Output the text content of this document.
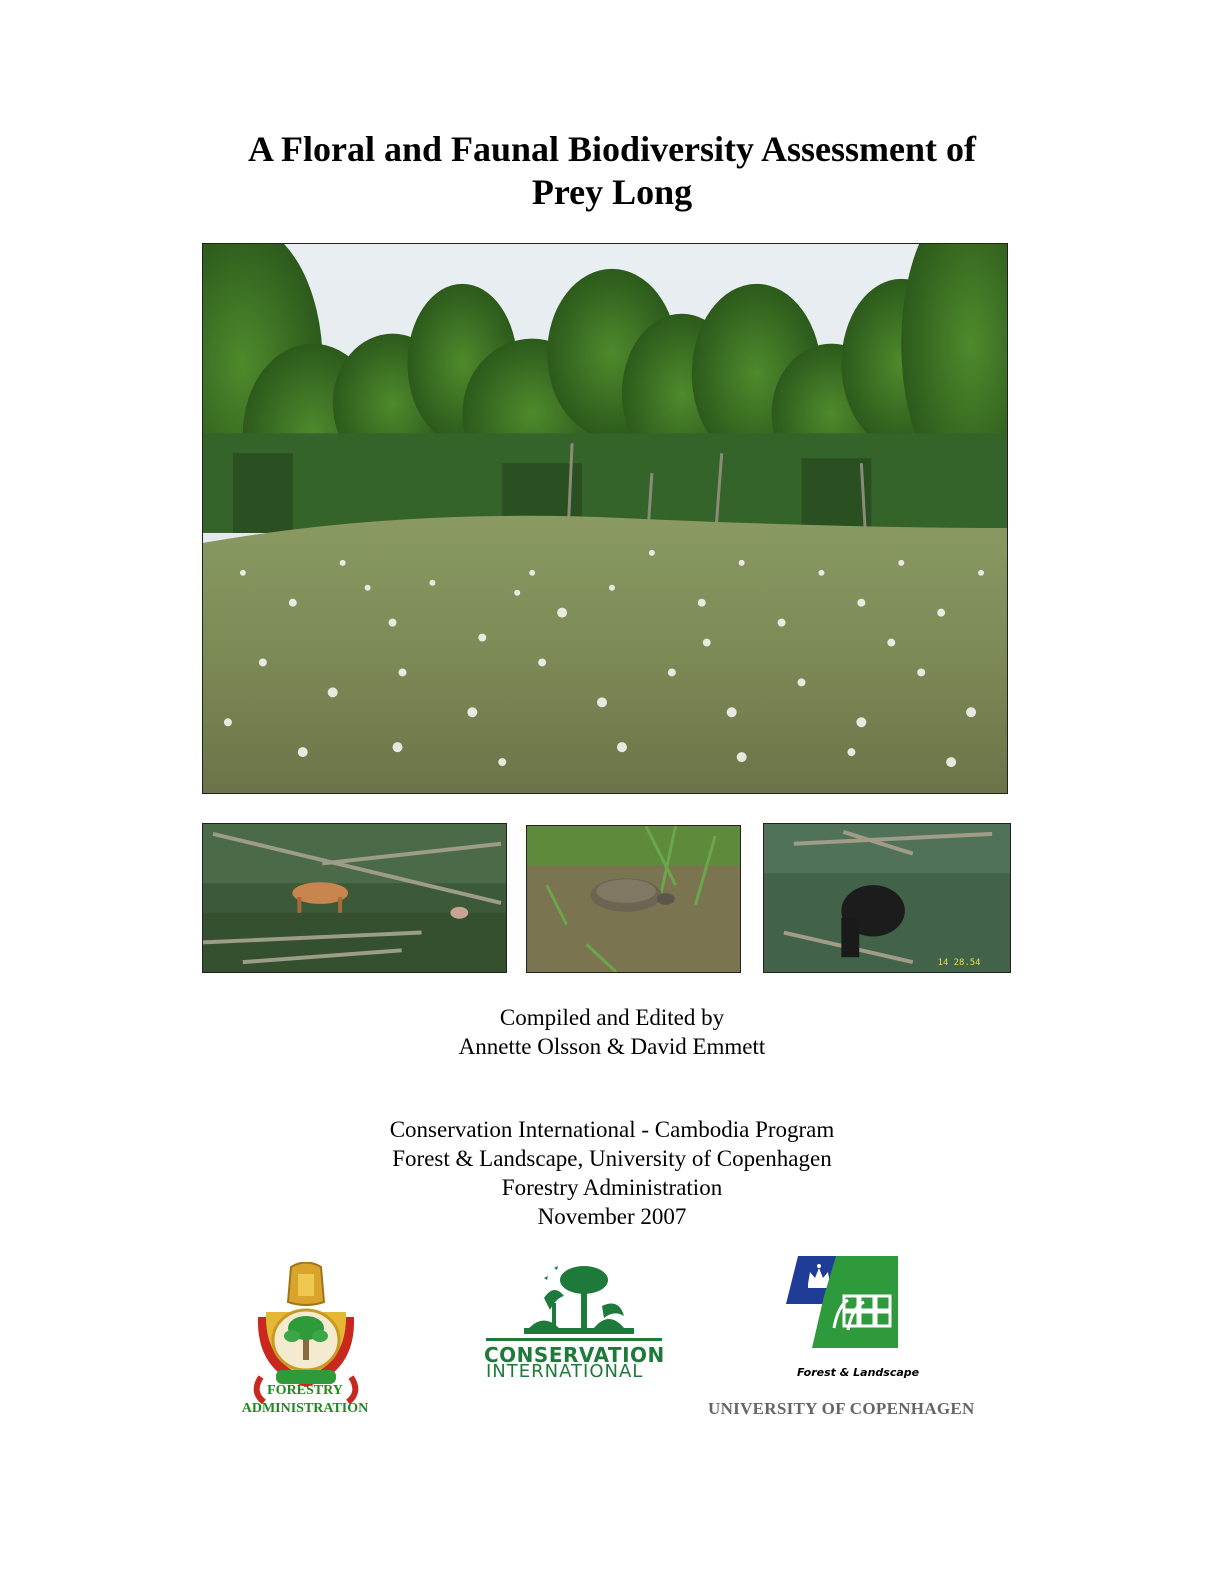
A Floral and Faunal Biodiversity Assessment of
Prey Long
14 28.54
Compiled and Edited by
Annette Olsson & David Emmett
Conservation International - Cambodia Program
Forest & Landscape, University of Copenhagen
Forestry Administration
November 2007
FORESTRY
ADMINISTRATION
CONSERVATION
INTERNATIONAL	Forest & Landscape
UNIVERSITY OF COPENHAGEN
